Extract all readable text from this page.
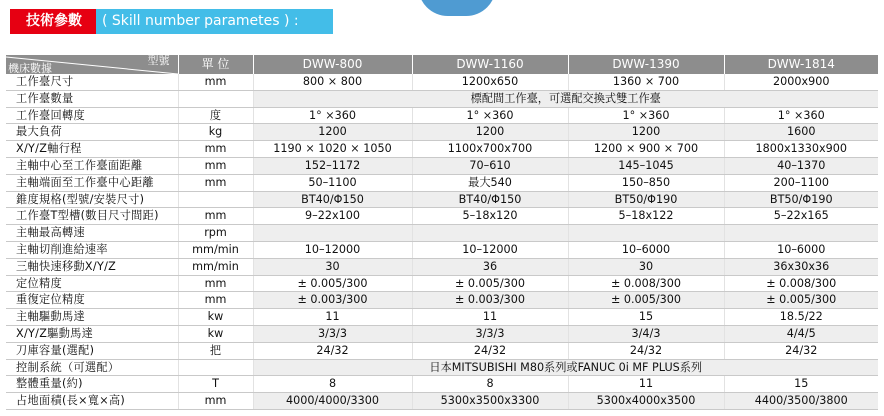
技術參數	( Skill number parametes ) :
型號
機床數據	單 位	DWW-800	DWW-1160	DWW-1390	DWW-1814
工作臺尺寸	mm	800 × 800	1200x650	1360 × 700	2000x900
工作臺數量		標配間工作臺，可選配交換式雙工作臺			
工作臺回轉度	度	1° ×360	1° ×360	1° ×360	1° ×360
最大負荷	kg	1200	1200	1200	1600
X/Y/Z軸行程	mm	1190 × 1020 × 1050	1100x700x700	1200 × 900 × 700	1800x1330x900
主軸中心至工作臺面距離	mm	152–1172	70–610	145–1045	40–1370
主軸端面至工作臺中心距離	mm	50–1100	最大540	150–850	200–1100
錐度規格(型號/安裝尺寸)		BT40/Φ150	BT40/Φ150	BT50/Φ190	BT50/Φ190
工作臺T型槽(數目尺寸間距)	mm	9–22x100	5–18x120	5–18x122	5–22x165
主軸最高轉速	rpm				
主軸切削進給速率	mm/min	10–12000	10–12000	10–6000	10–6000
三軸快速移動X/Y/Z	mm/min	30	36	30	36x30x36
定位精度	mm	± 0.005/300	± 0.005/300	± 0.008/300	± 0.008/300
重復定位精度	mm	± 0.003/300	± 0.003/300	± 0.005/300	± 0.005/300
主軸驅動馬達	kw	11	11	15	18.5/22
X/Y/Z驅動馬達	kw	3/3/3	3/3/3	3/4/3	4/4/5
刀庫容量(選配)	把	24/32	24/32	24/32	24/32
控制系統（可選配）		日本MITSUBISHI M80系列或FANUC 0i MF PLUS系列			
整體重量(約)	T	8	8	11	15
占地面積(長×寬×高)	mm	4000/4000/3300	5300x3500x3300	5300x4000x3500	4400/3500/3800
